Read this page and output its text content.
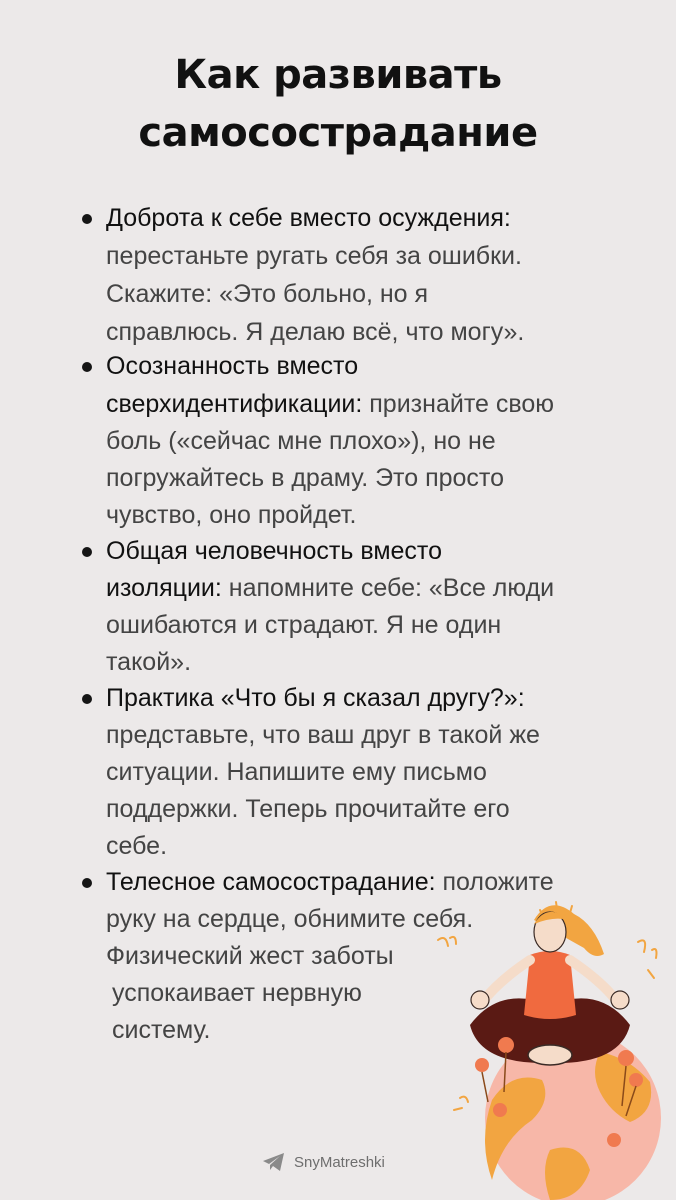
Как развивать
самосострадание
Доброта к себе вместо осуждения:
перестаньте ругать себя за ошибки.
Скажите: «Это больно, но я
справлюсь. Я делаю всё, что могу».
Осознанность вместо
сверхидентификации: признайте свою
боль («сейчас мне плохо»), но не
погружайтесь в драму. Это просто
чувство, оно пройдет.
Общая человечность вместо
изоляции: напомните себе: «Все люди
ошибаются и страдают. Я не один
такой».
Практика «Что бы я сказал другу?»:
представьте, что ваш друг в такой же
ситуации. Напишите ему письмо
поддержки. Теперь прочитайте его
себе.
Телесное самосострадание: положите
руку на сердце, обнимите себя.
Физический жест заботы
успокаивает нервную
систему.
SnyMatreshki
